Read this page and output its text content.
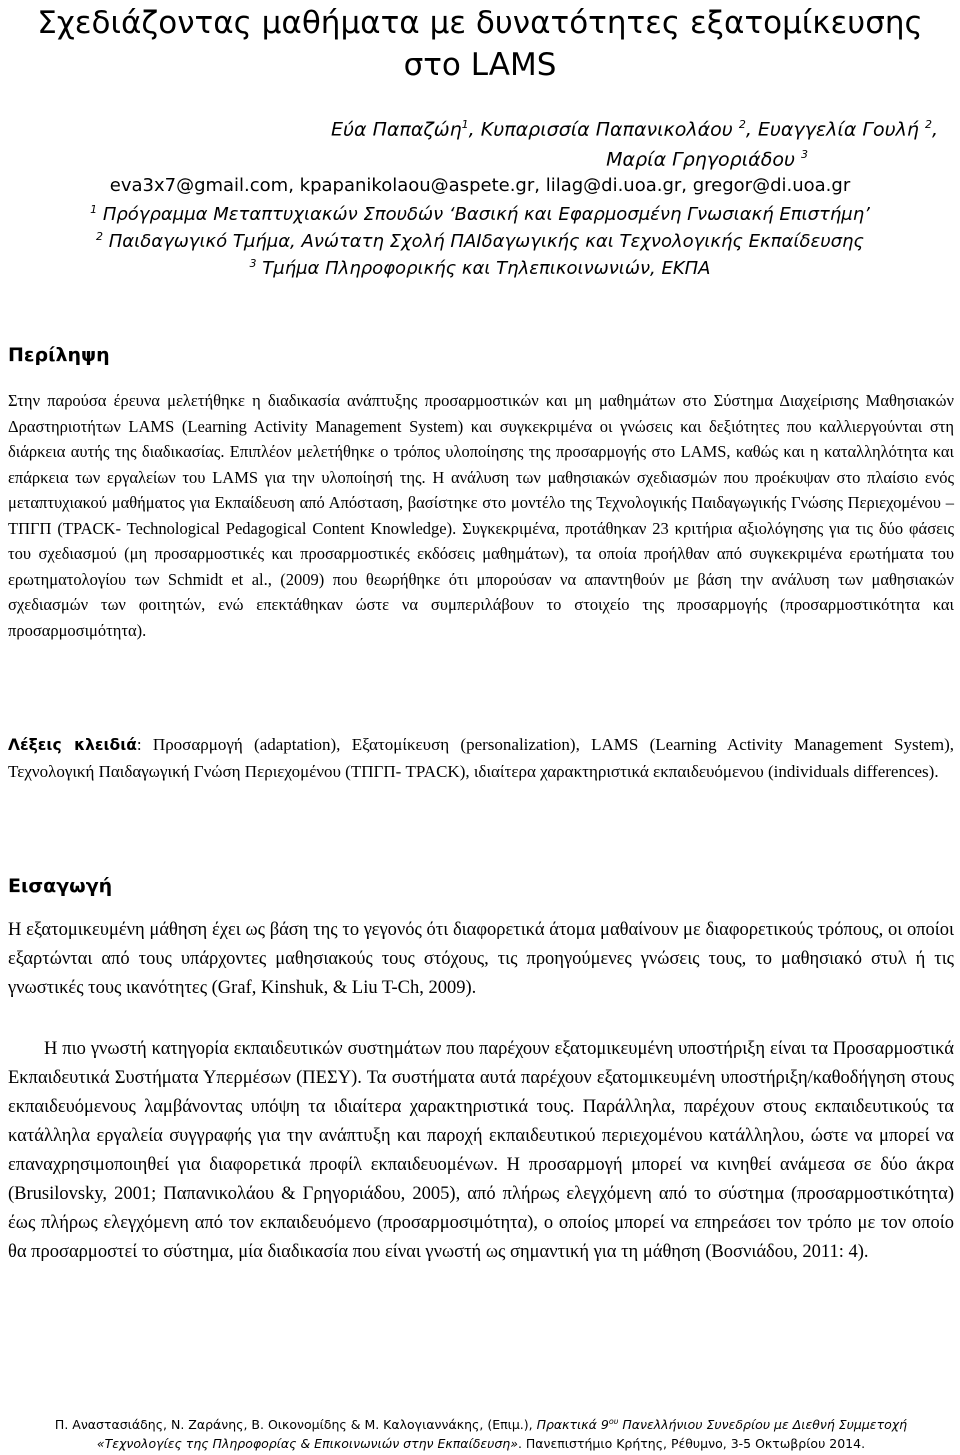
Σχεδιάζοντας μαθήματα με δυνατότητες εξατομίκευσης
στο LAMS
Εύα Παπαζώη$^1$, Κυπαρισσία Παπανικολάου $^2$, Ευαγγελία Γουλή $^2$,
Μαρία Γρηγοριάδου $^3$
eva3x7@gmail.com, kpapanikolaou@aspete.gr, lilag@di.uoa.gr, gregor@di.uoa.gr
$^1$ Πρόγραμμα Μεταπτυχιακών Σπουδών ‘Βασική και Εφαρμοσμένη Γνωσιακή Επιστήμη’
$^2$ Παιδαγωγικό Τμήμα, Ανώτατη Σχολή ΠΑΙδαγωγικής και Τεχνολογικής Εκπαίδευσης
$^3$ Τμήμα Πληροφορικής και Τηλεπικοινωνιών, ΕΚΠΑ
Περίληψη
Στην παρούσα έρευνα μελετήθηκε η διαδικασία ανάπτυξης προσαρμοστικών και μη μαθημάτων στο Σύστημα Διαχείρισης Μαθησιακών Δραστηριοτήτων LAMS (Learning Activity Management System) και συγκεκριμένα οι γνώσεις και δεξιότητες που καλλιεργούνται στη διάρκεια αυτής της διαδικασίας. Επιπλέον μελετήθηκε ο τρόπος υλοποίησης της προσαρμογής στο LAMS, καθώς και η καταλληλότητα και επάρκεια των εργαλείων του LAMS για την υλοποίησή της. Η ανάλυση των μαθησιακών σχεδιασμών που προέκυψαν στο πλαίσιο ενός μεταπτυχιακού μαθήματος για Εκπαίδευση από Απόσταση, βασίστηκε στο μοντέλο της Τεχνολογικής Παιδαγωγικής Γνώσης Περιεχομένου – ΤΠΓΠ (TPACK- Technological Pedagogical Content Knowledge). Συγκεκριμένα, προτάθηκαν 23 κριτήρια αξιολόγησης για τις δύο φάσεις του σχεδιασμού (μη προσαρμοστικές και προσαρμοστικές εκδόσεις μαθημάτων), τα οποία προήλθαν από συγκεκριμένα ερωτήματα του ερωτηματολογίου των Schmidt et al., (2009) που θεωρήθηκε ότι μπορούσαν να απαντηθούν με βάση την ανάλυση των μαθησιακών σχεδιασμών των φοιτητών, ενώ επεκτάθηκαν ώστε να συμπεριλάβουν το στοιχείο της προσαρμογής (προσαρμοστικότητα και προσαρμοσιμότητα).
Λέξεις κλειδιά: Προσαρμογή (adaptation), Εξατομίκευση (personalization), LAMS (Learning Activity Management System), Τεχνολογική Παιδαγωγική Γνώση Περιεχομένου (ΤΠΓΠ- TPACK), ιδιαίτερα χαρακτηριστικά εκπαιδευόμενου (individuals differences).
Εισαγωγή
Η εξατομικευμένη μάθηση έχει ως βάση της το γεγονός ότι διαφορετικά άτομα μαθαίνουν με διαφορετικούς τρόπους, οι οποίοι εξαρτώνται από τους υπάρχοντες μαθησιακούς τους στόχους, τις προηγούμενες γνώσεις τους, το μαθησιακό στυλ ή τις γνωστικές τους ικανότητες (Graf, Kinshuk, & Liu T-Ch, 2009).
Η πιο γνωστή κατηγορία εκπαιδευτικών συστημάτων που παρέχουν εξατομικευμένη υποστήριξη είναι τα Προσαρμοστικά Εκπαιδευτικά Συστήματα Υπερμέσων (ΠΕΣΥ). Τα συστήματα αυτά παρέχουν εξατομικευμένη υποστήριξη/καθοδήγηση στους εκπαιδευόμενους λαμβάνοντας υπόψη τα ιδιαίτερα χαρακτηριστικά τους. Παράλληλα, παρέχουν στους εκπαιδευτικούς τα κατάλληλα εργαλεία συγγραφής για την ανάπτυξη και παροχή εκπαιδευτικού περιεχομένου κατάλληλου, ώστε να μπορεί να επαναχρησιμοποιηθεί για διαφορετικά προφίλ εκπαιδευομένων. Η προσαρμογή μπορεί να κινηθεί ανάμεσα σε δύο άκρα (Brusilovsky, 2001; Παπανικολάου & Γρηγοριάδου, 2005), από πλήρως ελεγχόμενη από το σύστημα (προσαρμοστικότητα) έως πλήρως ελεγχόμενη από τον εκπαιδευόμενο (προσαρμοσιμότητα), ο οποίος μπορεί να επηρεάσει τον τρόπο με τον οποίο θα προσαρμοστεί το σύστημα, μία διαδικασία που είναι γνωστή ως σημαντική για τη μάθηση (Βοσνιάδου, 2011: 4).
Π. Αναστασιάδης, Ν. Ζαράνης, Β. Οικονομίδης & Μ. Καλογιαννάκης, (Επιμ.), Πρακτικά $9^{o\upsilon}$ Πανελλήνιου Συνεδρίου με Διεθνή Συμμετοχή
«Τεχνολογίες της Πληροφορίας & Επικοινωνιών στην Εκπαίδευση». Πανεπιστήμιο Κρήτης, Ρέθυμνο, 3-5 Οκτωβρίου 2014.
